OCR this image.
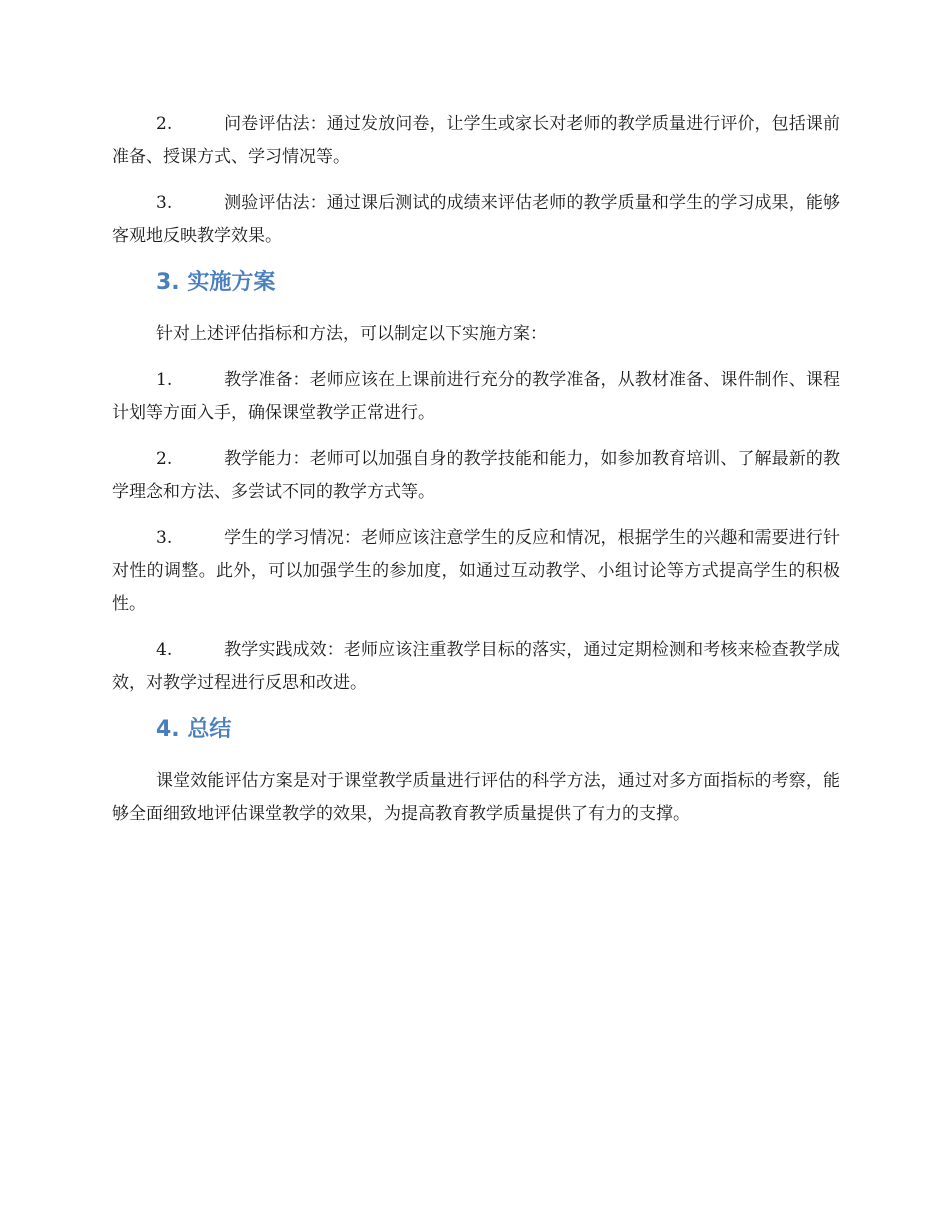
2.	问卷评估法：通过发放问卷，让学生或家长对老师的教学质量进行评价，包括课前准备、授课方式、学习情况等。
3.	测验评估法：通过课后测试的成绩来评估老师的教学质量和学生的学习成果，能够客观地反映教学效果。
3. 实施方案

针对上述评估指标和方法，可以制定以下实施方案：

1.	教学准备：老师应该在上课前进行充分的教学准备，从教材准备、课件制作、课程计划等方面入手，确保课堂教学正常进行。
2.	教学能力：老师可以加强自身的教学技能和能力，如参加教育培训、了解最新的教学理念和方法、多尝试不同的教学方式等。
3.	学生的学习情况：老师应该注意学生的反应和情况，根据学生的兴趣和需要进行针对性的调整。此外，可以加强学生的参加度，如通过互动教学、小组讨论等方式提高学生的积极性。
4.	教学实践成效：老师应该注重教学目标的落实，通过定期检测和考核来检查教学成效，对教学过程进行反思和改进。
4. 总结

课堂效能评估方案是对于课堂教学质量进行评估的科学方法，通过对多方面指标的考察，能够全面细致地评估课堂教学的效果，为提高教育教学质量提供了有力的支撑。
